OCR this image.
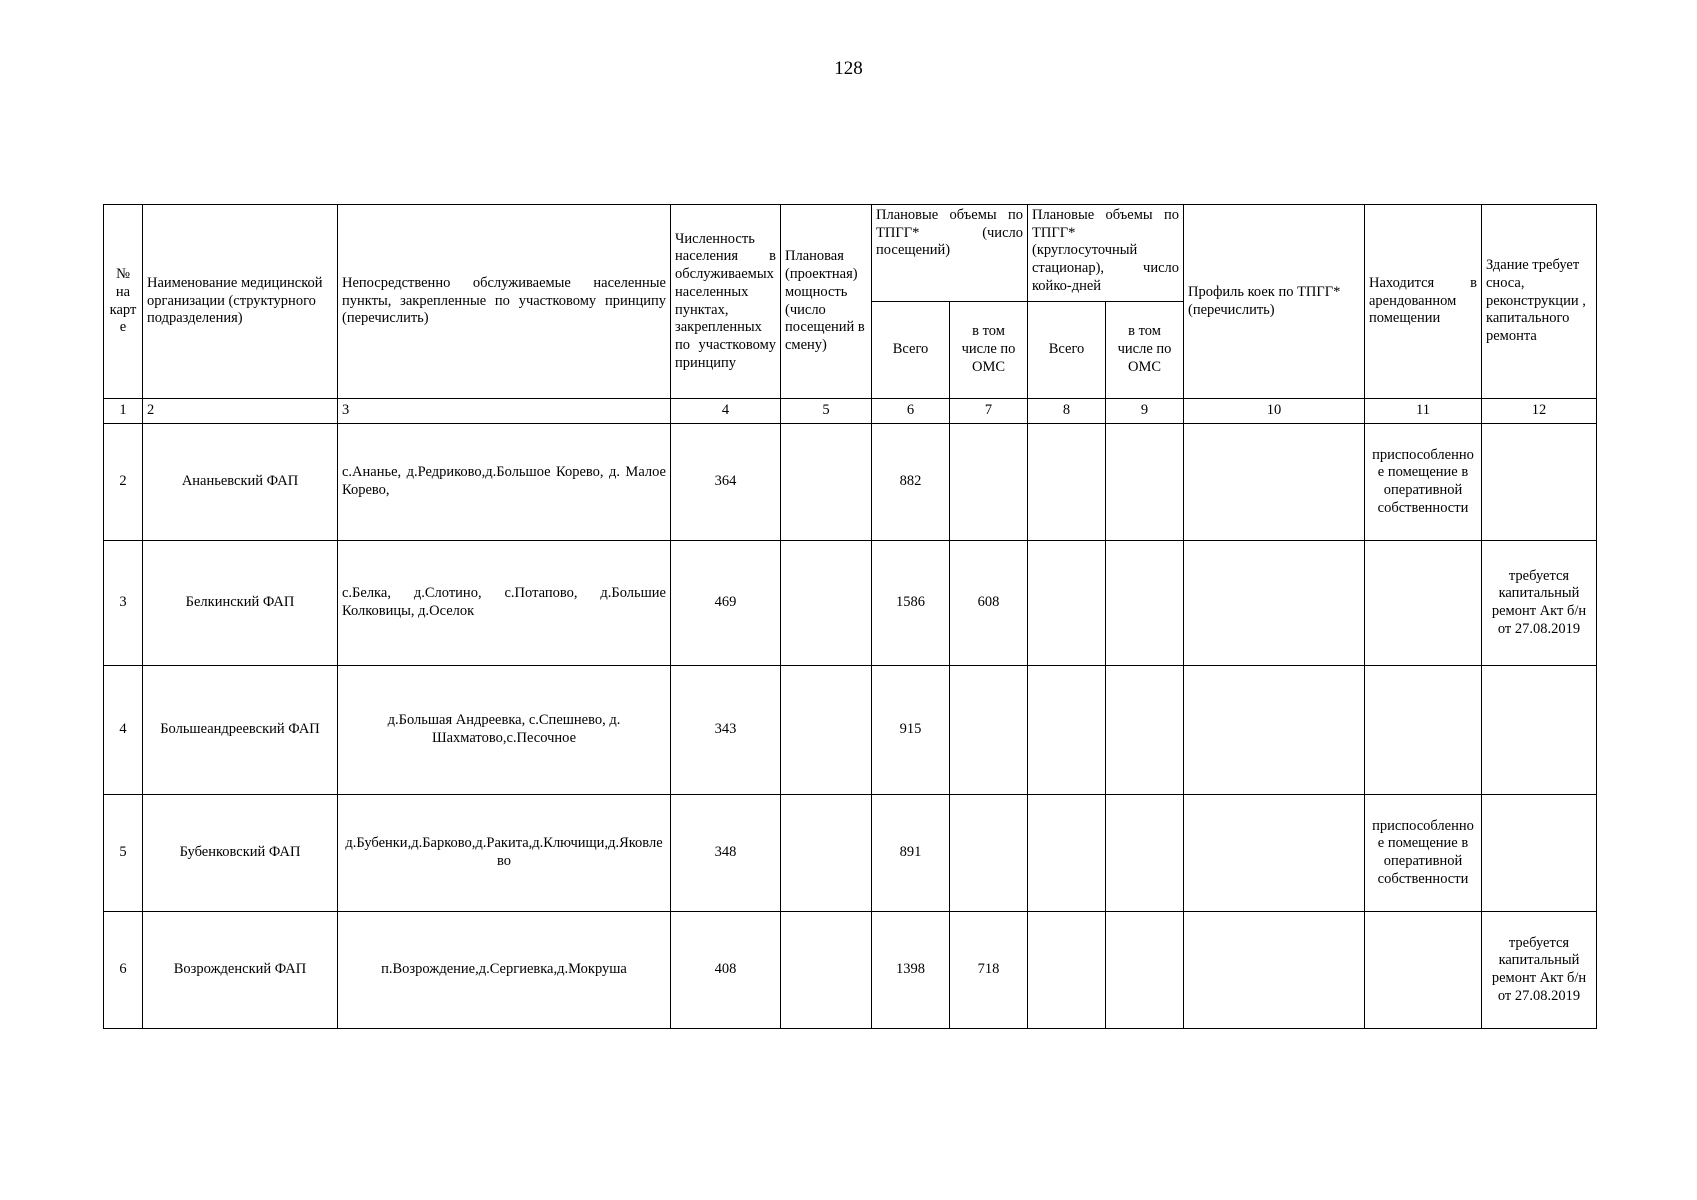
128
№ на карте	Наименование медицинской организации (структурного подразделения)	Непосредственно обслуживаемые населенные пункты, закрепленные по участковому принципу (перечислить)	Численность населения в обслуживаемых населенных пунктах, закрепленных по участковому принципу	Плановая (проектная) мощность (число посещений в смену)	Плановые объемы по ТПГГ* (число посещений)		Плановые объемы по ТПГГ* (круглосуточный стационар), число койко-дней		Профиль коек по ТПГГ* (перечислить)	Находится в арендованном помещении	Здание требует сноса, реконструкции , капитального ремонта
					Всего	в том числе по ОМС	Всего	в том числе по ОМС			
1	2	3	4	5	6	7	8	9	10	11	12
2	Ананьевский ФАП	с.Ананье, д.Редриково,д.Большое Корево, д. Малое Корево,	364		882					приспособленное помещение в оперативной собственности	
3	Белкинский ФАП	с.Белка, д.Слотино, с.Потапово, д.Большие Колковицы, д.Оселок	469		1586	608					требуется капитальный ремонт Акт б/н от 27.08.2019
4	Большеандреевский ФАП	д.Большая Андреевка, с.Спешнево, д. Шахматово,с.Песочное	343		915						
5	Бубенковский ФАП	д.Бубенки,д.Барково,д.Ракита,д.Ключищи,д.Яковлево	348		891					приспособленное помещение в оперативной собственности	
6	Возрожденский ФАП	п.Возрождение,д.Сергиевка,д.Мокруша	408		1398	718					требуется капитальный ремонт Акт б/н от 27.08.2019
